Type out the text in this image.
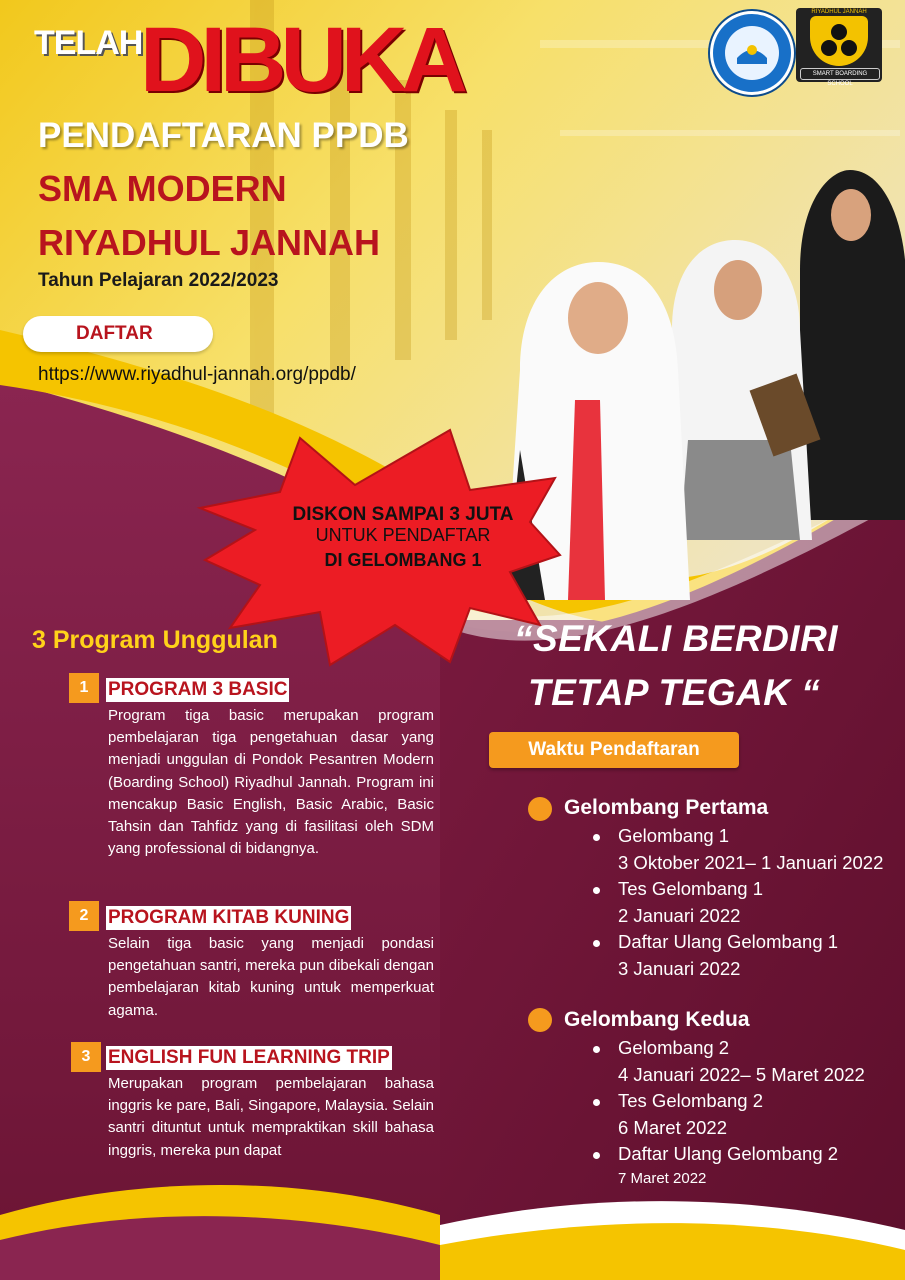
TELAH
DIBUKA
PENDAFTARAN PPDB
SMA MODERN
RIYADHUL JANNAH
Tahun Pelajaran 2022/2023
DAFTAR
https://www.riyadhul-jannah.org/ppdb/
RIYADHUL JANNAH
SMART BOARDING SCHOOL
DISKON SAMPAI 3 JUTA
UNTUK PENDAFTAR
DI GELOMBANG 1
3 Program Unggulan
1	PROGRAM 3 BASIC
Program tiga basic merupakan program pembelajaran tiga pengetahuan dasar yang menjadi unggulan di Pondok Pesantren Modern (Boarding School) Riyadhul Jannah. Program ini mencakup Basic English, Basic Arabic, Basic Tahsin dan Tahfidz yang di fasilitasi oleh SDM yang professional di bidangnya.
2	PROGRAM KITAB KUNING
Selain tiga basic yang menjadi pondasi pengetahuan santri, mereka pun dibekali dengan pembelajaran kitab kuning untuk memperkuat agama.
3 ENGLISH FUN LEARNING TRIP
Merupakan program pembelajaran bahasa inggris ke pare, Bali, Singapore, Malaysia. Selain santri dituntut untuk mempraktikan skill bahasa inggris, mereka pun dapat
“SEKALI BERDIRI
TETAP TEGAK “
Waktu Pendaftaran
Gelombang Pertama
Gelombang 1
3 Oktober 2021– 1 Januari 2022
Tes Gelombang 1
2 Januari 2022
Daftar Ulang Gelombang 1
3 Januari 2022
Gelombang Kedua
Gelombang 2
4 Januari 2022– 5 Maret 2022
Tes Gelombang 2
6 Maret 2022
Daftar Ulang Gelombang 2
7 Maret 2022
